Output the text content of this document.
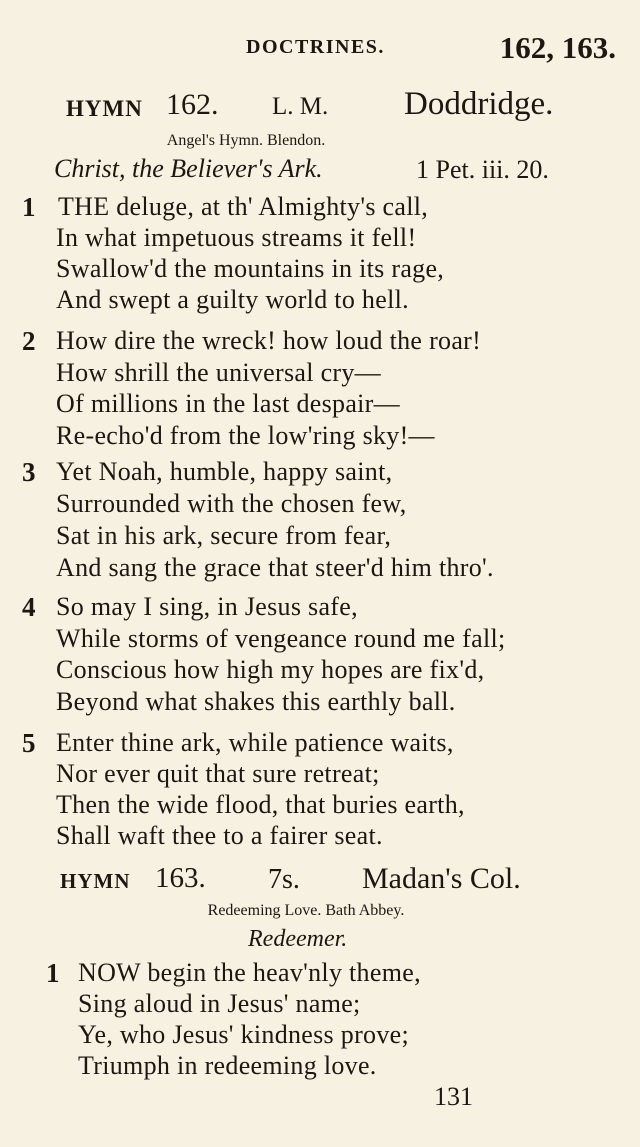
DOCTRINES.	162, 163.
HYMN 162. L. M. Doddridge.
Angel's Hymn. Blendon.
Christ, the Believer's Ark.	1 Pet. iii. 20.
1 THE deluge, at th' Almighty's call,
In what impetuous streams it fell!
Swallow'd the mountains in its rage,
And swept a guilty world to hell.
2 How dire the wreck! how loud the roar!
How shrill the universal cry—
Of millions in the last despair—
Re-echo'd from the low'ring sky!—
3 Yet Noah, humble, happy saint,
Surrounded with the chosen few,
Sat in his ark, secure from fear,
And sang the grace that steer'd him thro'.
4 So may I sing, in Jesus safe,
While storms of vengeance round me fall;
Conscious how high my hopes are fix'd,
Beyond what shakes this earthly ball.
5 Enter thine ark, while patience waits,
Nor ever quit that sure retreat;
Then the wide flood, that buries earth,
Shall waft thee to a fairer seat.
HYMN 163. 7s. Madan's Col.
Redeeming Love. Bath Abbey.
Redeemer.
1 NOW begin the heav'nly theme,
Sing aloud in Jesus' name;
Ye, who Jesus' kindness prove;
Triumph in redeeming love.
131
